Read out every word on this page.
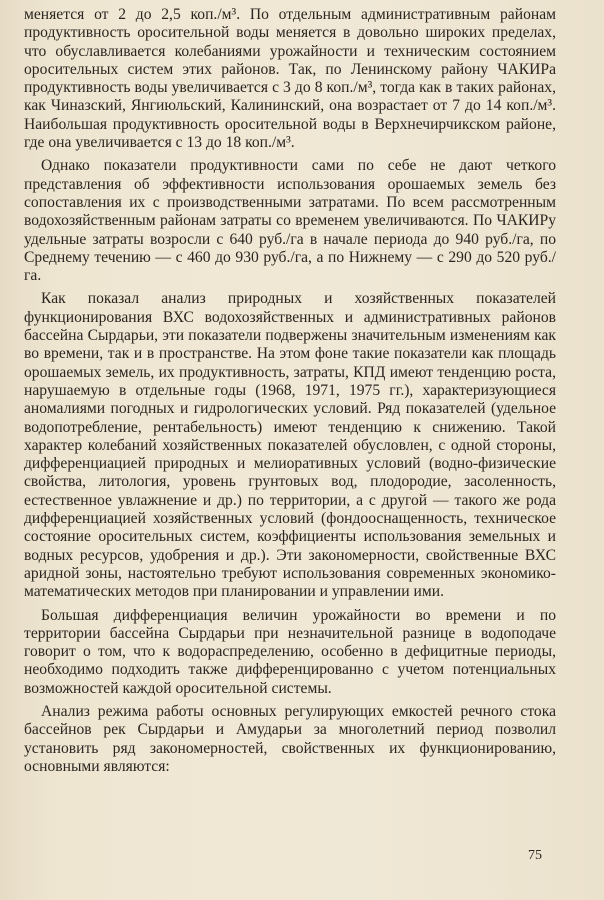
меняется от 2 до 2,5 коп./м³. По отдельным административным районам продуктивность оросительной воды меняется в довольно широких пределах, что обуславливается колебаниями урожайности и техническим состоянием оросительных систем этих районов. Так, по Ленинскому району ЧАКИРа продуктивность воды увеличивается с 3 до 8 коп./м³, тогда как в таких районах, как Чиназский, Янгиюльский, Калининский, она возрастает от 7 до 14 коп./м³. Наибольшая продуктивность оросительной воды в Верхнечирчикском районе, где она увеличивается с 13 до 18 коп./м³.

Однако показатели продуктивности сами по себе не дают четкого представления об эффективности использования орошаемых земель без сопоставления их с производственными затратами. По всем рассмотренным водохозяйственным районам затраты со временем увеличиваются. По ЧАКИРу удельные затраты возросли с 640 руб./га в начале периода до 940 руб./га, по Среднему течению — с 460 до 930 руб./га, а по Нижнему — с 290 до 520 руб./га.

Как показал анализ природных и хозяйственных показателей функционирования ВХС водохозяйственных и административных районов бассейна Сырдарьи, эти показатели подвержены значительным изменениям как во времени, так и в пространстве. На этом фоне такие показатели как площадь орошаемых земель, их продуктивность, затраты, КПД имеют тенденцию роста, нарушаемую в отдельные годы (1968, 1971, 1975 гг.), характеризующиеся аномалиями погодных и гидрологических условий. Ряд показателей (удельное водопотребление, рентабельность) имеют тенденцию к снижению. Такой характер колебаний хозяйственных показателей обусловлен, с одной стороны, дифференциацией природных и мелиоративных условий (водно-физические свойства, литология, уровень грунтовых вод, плодородие, засоленность, естественное увлажнение и др.) по территории, а с другой — такого же рода дифференциацией хозяйственных условий (фондооснащенность, техническое состояние оросительных систем, коэффициенты использования земельных и водных ресурсов, удобрения и др.). Эти закономерности, свойственные ВХС аридной зоны, настоятельно требуют использования современных экономико-математических методов при планировании и управлении ими.

Большая дифференциация величин урожайности во времени и по территории бассейна Сырдарьи при незначительной разнице в водоподаче говорит о том, что к водораспределению, особенно в дефицитные периоды, необходимо подходить также дифференцированно с учетом потенциальных возможностей каждой оросительной системы.

Анализ режима работы основных регулирующих емкостей речного стока бассейнов рек Сырдарьи и Амударьи за многолетний период позволил установить ряд закономерностей, свойственных их функционированию, основными являются:

75
